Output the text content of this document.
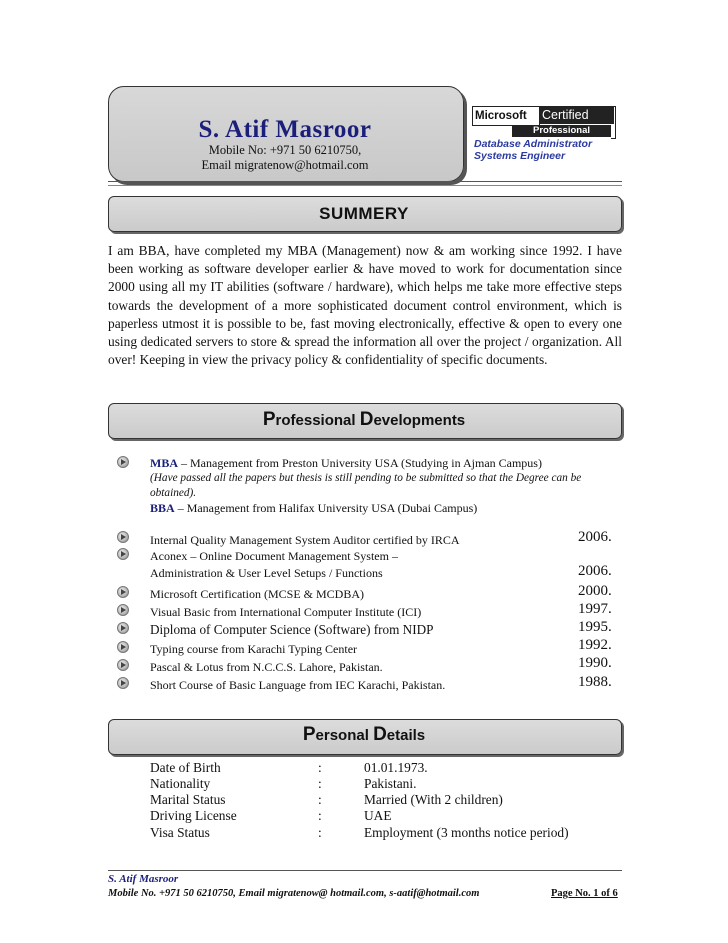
S. Atif Masroor
Mobile No: +971 50 6210750,
Email migratenow@hotmail.com
Microsoft	Certified
Professional
Database Administrator
Systems Engineer
SUMMERY
I am BBA, have completed my MBA (Management) now & am working since 1992. I have been working as software developer earlier & have moved to work for documentation since 2000 using all my IT abilities (software / hardware), which helps me take more effective steps towards the development of a more sophisticated document control environment, which is paperless utmost it is possible to be, fast moving electronically, effective & open to every one using dedicated servers to store & spread the information all over the project / organization. All over! Keeping in view the privacy policy & confidentiality of specific documents.
Professional Developments
MBA – Management from Preston University USA (Studying in Ajman Campus)
(Have passed all the papers but thesis is still pending to be submitted so that the Degree can be
obtained).
BBA – Management from Halifax University USA (Dubai Campus)
Internal Quality Management System Auditor certified by IRCA	2006.
Aconex – Online Document Management System –
Administration & User Level Setups / Functions	2006.
Microsoft Certification (MCSE & MCDBA)	2000.
Visual Basic from International Computer Institute (ICI)	1997.
Diploma of Computer Science (Software) from NIDP	1995.
Typing course from Karachi Typing Center	1992.
Pascal & Lotus from N.C.C.S. Lahore, Pakistan.	1990.
Short Course of Basic Language from IEC Karachi, Pakistan.	1988.
Personal Details
Date of Birth	:	01.01.1973.
Nationality	:	Pakistani.
Marital Status	:	Married (With 2 children)
Driving License	:	UAE
Visa Status	:	Employment (3 months notice period)
S. Atif Masroor
Mobile No. +971 50 6210750, Email migratenow@ hotmail.com, s-aatif@hotmail.com	Page No. 1 of 6
